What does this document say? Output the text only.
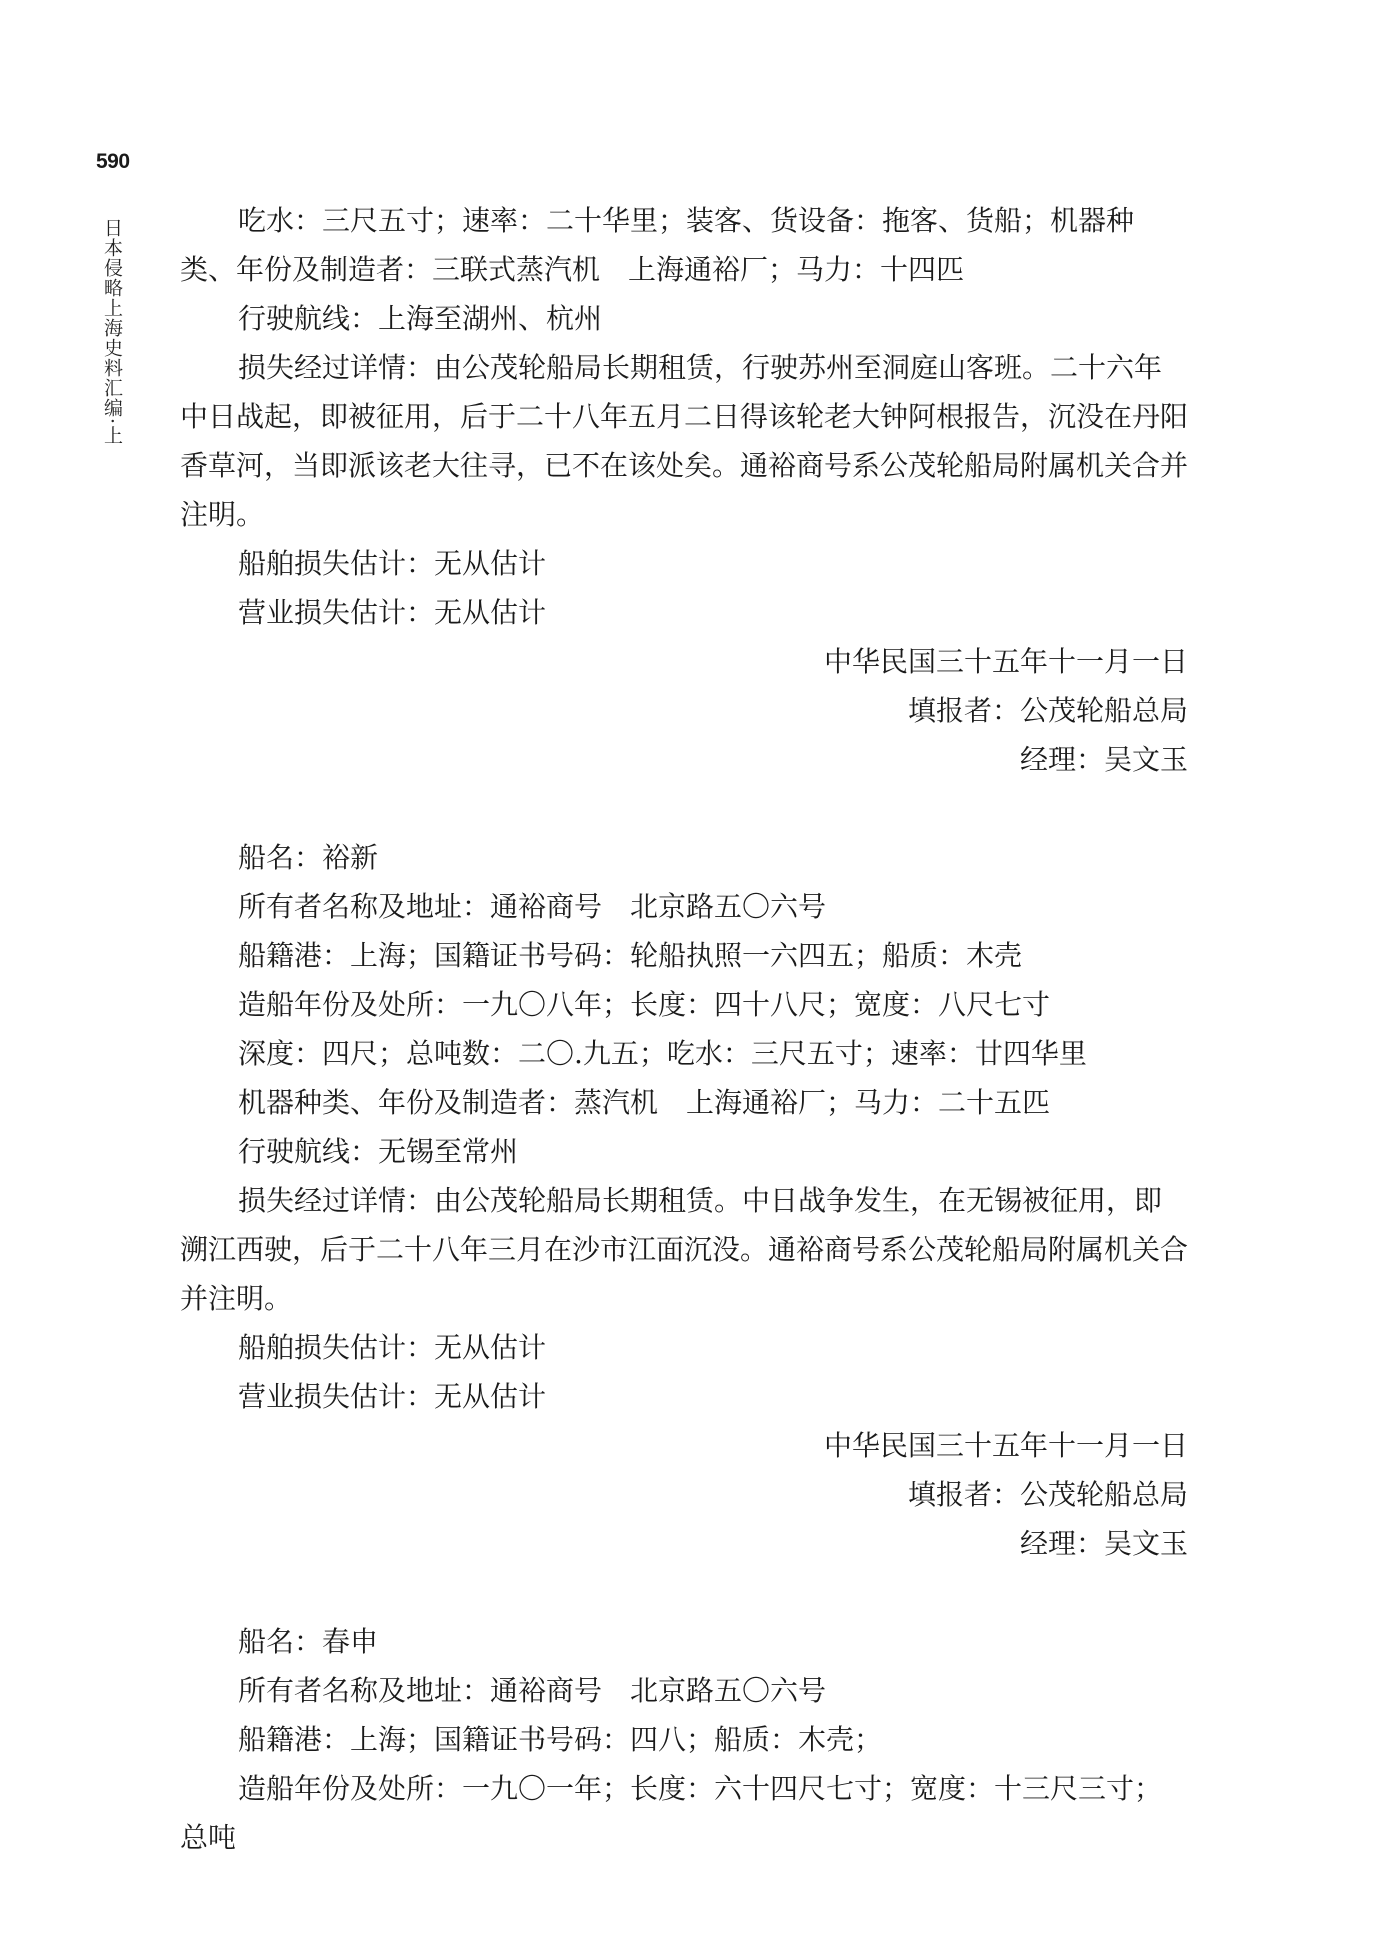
590
日本侵略上海史料汇编·上	吃水：三尺五寸；速率：二十华里；装客、货设备：拖客、货船；机器种类、年份及制造者：三联式蒸汽机　上海通裕厂；马力：十四匹

行驶航线：上海至湖州、杭州

损失经过详情：由公茂轮船局长期租赁，行驶苏州至洞庭山客班。二十六年中日战起，即被征用，后于二十八年五月二日得该轮老大钟阿根报告，沉没在丹阳香草河，当即派该老大往寻，已不在该处矣。通裕商号系公茂轮船局附属机关合并注明。

船舶损失估计：无从估计

营业损失估计：无从估计

中华民国三十五年十一月一日

填报者：公茂轮船总局

经理：吴文玉

船名：裕新

所有者名称及地址：通裕商号　北京路五〇六号

船籍港：上海；国籍证书号码：轮船执照一六四五；船质：木壳

造船年份及处所：一九〇八年；长度：四十八尺；宽度：八尺七寸

深度：四尺；总吨数：二〇.九五；吃水：三尺五寸；速率：廿四华里

机器种类、年份及制造者：蒸汽机　上海通裕厂；马力：二十五匹

行驶航线：无锡至常州

损失经过详情：由公茂轮船局长期租赁。中日战争发生，在无锡被征用，即溯江西驶，后于二十八年三月在沙市江面沉没。通裕商号系公茂轮船局附属机关合并注明。

船舶损失估计：无从估计

营业损失估计：无从估计

中华民国三十五年十一月一日

填报者：公茂轮船总局

经理：吴文玉

船名：春申

所有者名称及地址：通裕商号　北京路五〇六号

船籍港：上海；国籍证书号码：四八；船质：木壳；

造船年份及处所：一九〇一年；长度：六十四尺七寸；宽度：十三尺三寸；总吨
